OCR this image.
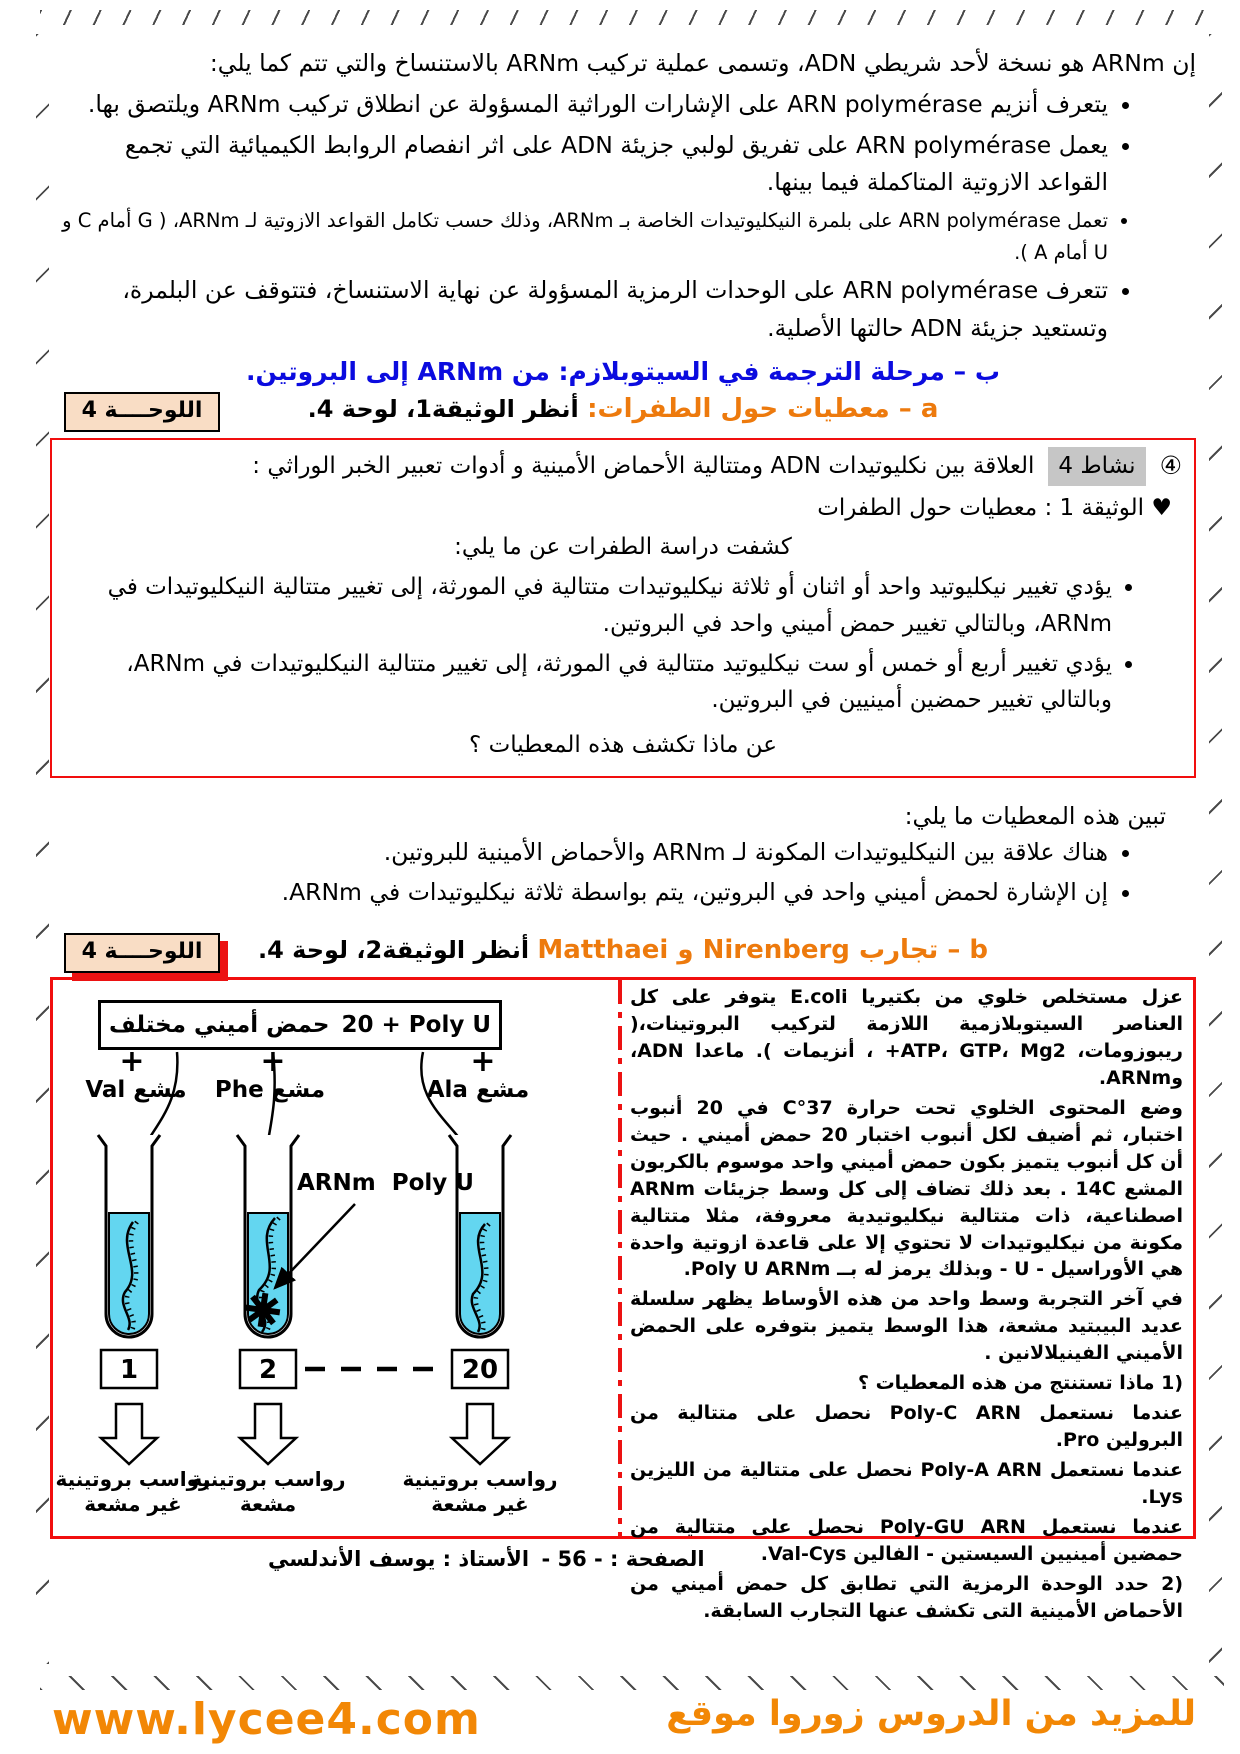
إن ARNm هو نسخة لأحد شريطي ADN، وتسمى عملية تركيب ARNm بالاستنساخ والتي تتم كما يلي:

• يتعرف أنزيم ARN polymérase على الإشارات الوراثية المسؤولة عن انطلاق تركيب ARNm ويلتصق بها.
• يعمل ARN polymérase على تفريق لولبي جزيئة ADN على اثر انفصام الروابط الكيميائية التي تجمع القواعد الازوتية المتاكملة فيما بينها.
• تعمل ARN polymérase على بلمرة النيكليوتيدات الخاصة بـ ARNm، وذلك حسب تكامل القواعد الازوتية لـ ARNm، ( G أمام C و U أمام A ).
• تتعرف ARN polymérase على الوحدات الرمزية المسؤولة عن نهاية الاستنساخ، فتتوقف عن البلمرة، وتستعيد جزيئة ADN حالتها الأصلية.
ب – مرحلة الترجمة في السيتوبلازم: من ARNm إلى البروتين.
اللوحــــة 4	a – معطيات حول الطفرات: أنظر الوثيقة1، لوحة 4.
④
نشاط 4
العلاقة بين نكليوتيدات ADN ومتتالية الأحماض الأمينية و أدوات تعبير الخبر الوراثي :

♥ الوثيقة 1 : معطيات حول الطفرات

كشفت دراسة الطفرات عن ما يلي:

• يؤدي تغيير نيكليوتيد واحد أو اثنان أو ثلاثة نيكليوتيدات متتالية في المورثة، إلى تغيير متتالية النيكليوتيدات في ARNm، وبالتالي تغيير حمض أميني واحد في البروتين.
• يؤدي تغيير أربع أو خمس أو ست نيكليوتيد متتالية في المورثة، إلى تغيير متتالية النيكليوتيدات في ARNm، وبالتالي تغيير حمضين أمينيين في البروتين.

عن ماذا تكشف هذه المعطيات ؟

تبين هذه المعطيات ما يلي:

• هناك علاقة بين النيكليوتيدات المكونة لـ ARNm والأحماض الأمينية للبروتين.
• إن الإشارة لحمض أميني واحد في البروتين، يتم بواسطة ثلاثة نيكليوتيدات في ARNm.
اللوحــــة 4	b – تجارب Nirenberg و Matthaei أنظر الوثيقة2، لوحة 4.
1	2	20
20 + Poly U
حمض أميني مختلف
+	+	+
مشع Val	مشع Phe	مشع Ala
ARNm  Poly U
رواسب بروتينية
غير مشعة
رواسب بروتينية
مشعة
رواسب بروتينية
غير مشعة

عزل مستخلص خلوي من بكتيريا E.coli يتوفر على كل العناصر السيتوبلازمية اللازمة لتركيب البروتينات،( ريبوزومات، ATP، GTP، Mg2+ ، أنزيمات ). ماعدا ADN، وARNm.

وضع المحتوى الخلوي تحت حرارة 37°C في 20 أنبوب اختبار، ثم أضيف لكل أنبوب اختبار 20 حمض أميني . حيث أن كل أنبوب يتميز بكون حمض أميني واحد موسوم بالكربون المشع 14C . بعد ذلك تضاف إلى كل وسط جزيئات ARNm اصطناعية، ذات متتالية نيكليوتيدية معروفة، مثلا متتالية مكونة من نيكليوتيدات لا تحتوي إلا على قاعدة ازوتية واحدة هي الأوراسيل - U - وبذلك يرمز له بــ Poly U ARNm.

في آخر التجربة وسط واحد من هذه الأوساط يظهر سلسلة عديد البيبتيد مشعة، هذا الوسط يتميز بتوفره على الحمض الأميني الفينيلالانين .

1) ماذا تستنتج من هذه المعطيات ؟

عندما نستعمل Poly-C ARN نحصل على متتالية من البرولين Pro.

عندما نستعمل Poly-A ARN نحصل على متتالية من الليزين Lys.

عندما نستعمل Poly-GU ARN نحصل على متتالية من حمضين أمينيين السيستين - الفالين Val-Cys.

2) حدد الوحدة الرمزية التي تطابق كل حمض أميني من الأحماض الأمينية التى تكشف عنها التجارب السابقة.

الصفحة : - 56 -
الأستاذ : يوسف الأندلسي
www.lycee4.com	للمزيد من الدروس زوروا موقع
